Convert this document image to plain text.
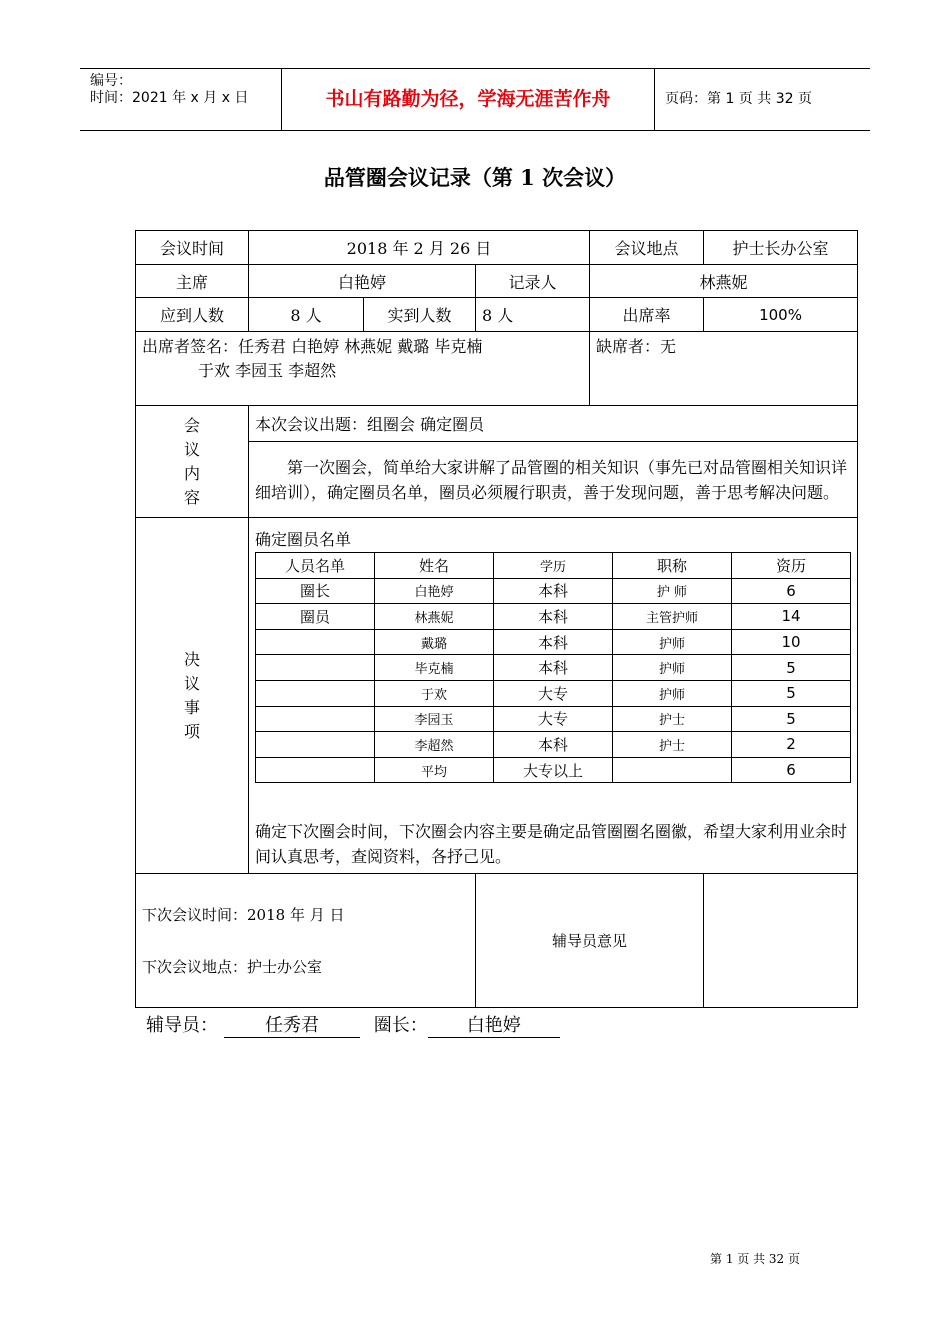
编号：
时间：2021 年 x 月 x 日	书山有路勤为径，学海无涯苦作舟	页码：第 1 页 共 32 页
品管圈会议记录（第 1 次会议）
会议时间	2018 年 2 月 26 日	会议地点	护士长办公室
主席	白艳婷	记录人	林燕妮
应到人数	8 人	实到人数	8 人	出席率	100%

出席者签名：任秀君 白艳婷 林燕妮 戴璐 毕克楠
于欢 李园玉 李超然
	缺席者：无
会议内容	本次会议出题：组圈会 确定圈员
第一次圈会，简单给大家讲解了品管圈的相关知识（事先已对品管圈相关知识详细培训），确定圈员名单，圈员必须履行职责，善于发现问题，善于思考解决问题。
决议事项	
确定圈员名单
人员名单	姓名	学历	职称	资历
圈长	白艳婷	本科	护 师	6
圈员	林燕妮	本科	主管护师	14
	戴璐	本科	护师	10
	毕克楠	本科	护师	5
	于欢	大专	护师	5
	李园玉	大专	护士	5
	李超然	本科	护士	2
	平均	大专以上		6
确定下次圈会时间，下次圈会内容主要是确定品管圈圈名圈徽，希望大家利用业余时间认真思考，查阅资料，各抒己见。

下次会议时间：2018 年 月 日
下次会议地点：护士办公室
	辅导员意见	
辅导员：	任秀君	圈长： 白艳婷
第 1 页 共 32 页
